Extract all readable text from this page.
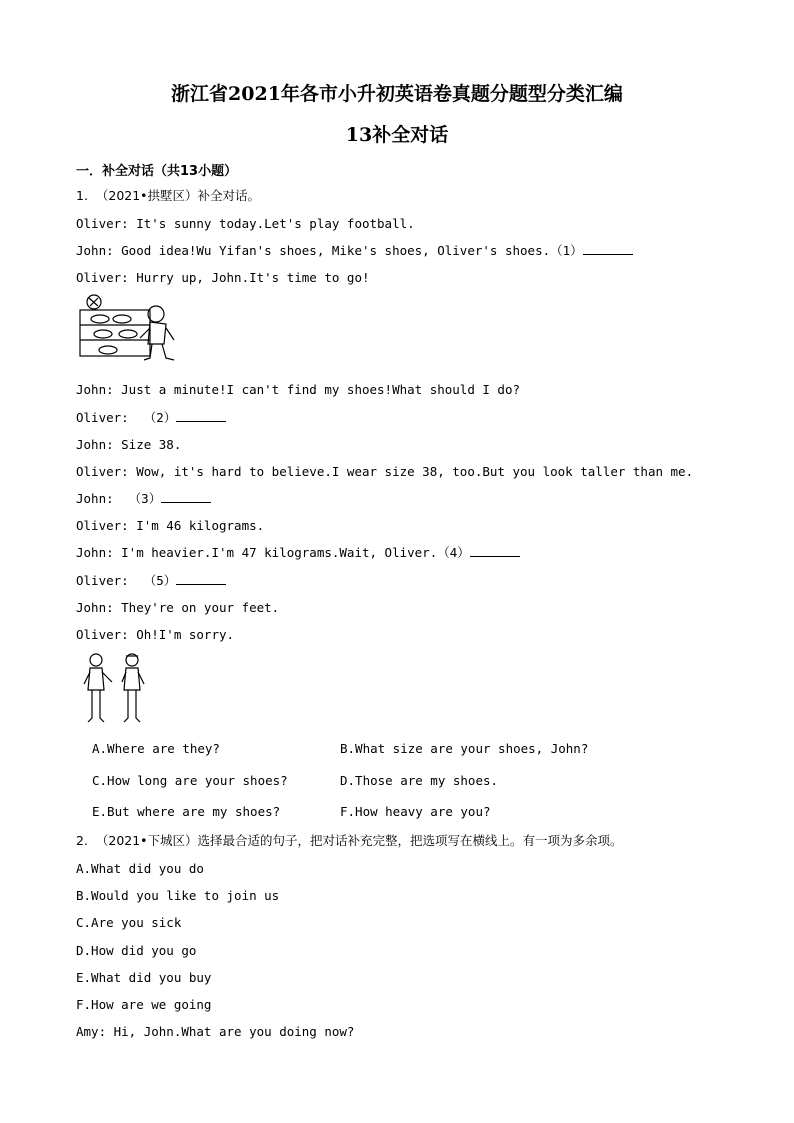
浙江省2021年各市小升初英语卷真题分题型分类汇编
13补全对话
一．补全对话（共13小题）
1.  （2021•拱墅区）补全对话。
Oliver: It's sunny today.Let's play football.
John: Good idea!Wu Yifan's shoes, Mike's shoes, Oliver's shoes.（1）
Oliver: Hurry up, John.It's time to go!
John: Just a minute!I can't find my shoes!What should I do?
Oliver:  （2）
John: Size 38.
Oliver: Wow, it's hard to believe.I wear size 38, too.But you look taller than me.
John:  （3）
Oliver: I'm 46 kilograms.
John: I'm heavier.I'm 47 kilograms.Wait, Oliver.（4）
Oliver:  （5）
John: They're on your feet.
Oliver: Oh!I'm sorry.
A.Where are they?	B.What size are your shoes, John?
C.How long are your shoes?	D.Those are my shoes.
E.But where are my shoes?	F.How heavy are you?
2.  （2021•下城区）选择最合适的句子，把对话补充完整，把选项写在横线上。有一项为多余项。
A.What did you do
B.Would you like to join us
C.Are you sick
D.How did you go
E.What did you buy
F.How are we going
Amy: Hi, John.What are you doing now?
